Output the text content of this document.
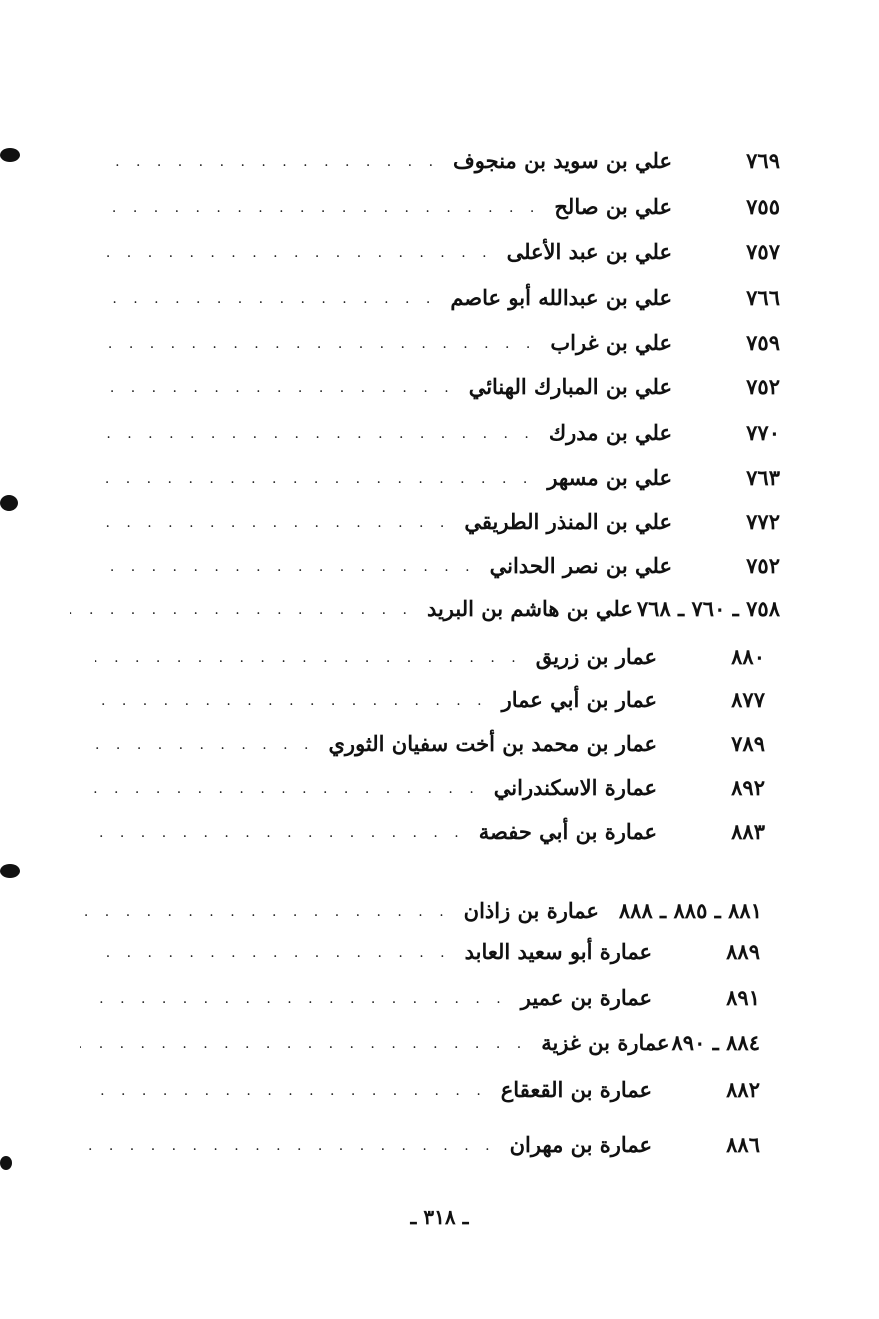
٧٦٩
علي بن سويد بن منجوف
. . .
٧٥٥
علي بن صالح
. . .
٧٥٧
علي بن عبد الأعلى
. . .
٧٦٦
علي بن عبدالله أبو عاصم
. . .
٧٥٩
علي بن غراب
. . .
٧٥٢
علي بن المبارك الهنائي
. . .
٧٧٠
علي بن مدرك
. . .
٧٦٣
علي بن مسهر
. . .
٧٧٢
علي بن المنذر الطريقي
. . .
٧٥٢
علي بن نصر الحداني
. . .
٧٥٨ ـ ٧٦٠ ـ ٧٦٨
علي بن هاشم بن البريد
. . .
٨٨٠
عمار بن زريق
. . .
٨٧٧
عمار بن أبي عمار
. . .
٧٨٩
عمار بن محمد بن أخت سفيان الثوري
. . .
٨٩٢
عمارة الاسكندراني
. . .
٨٨٣
عمارة بن أبي حفصة
. . .
٨٨١ ـ ٨٨٥ ـ ٨٨٨
عمارة بن زاذان
. . .
٨٨٩
عمارة أبو سعيد العابد
. . .
٨٩١
عمارة بن عمير
. . .
٨٨٤ ـ ٨٩٠
عمارة بن غزية
. . .
٨٨٢
عمارة بن القعقاع
. . .
٨٨٦
عمارة بن مهران
. . .
ـ ٣١٨ ـ
